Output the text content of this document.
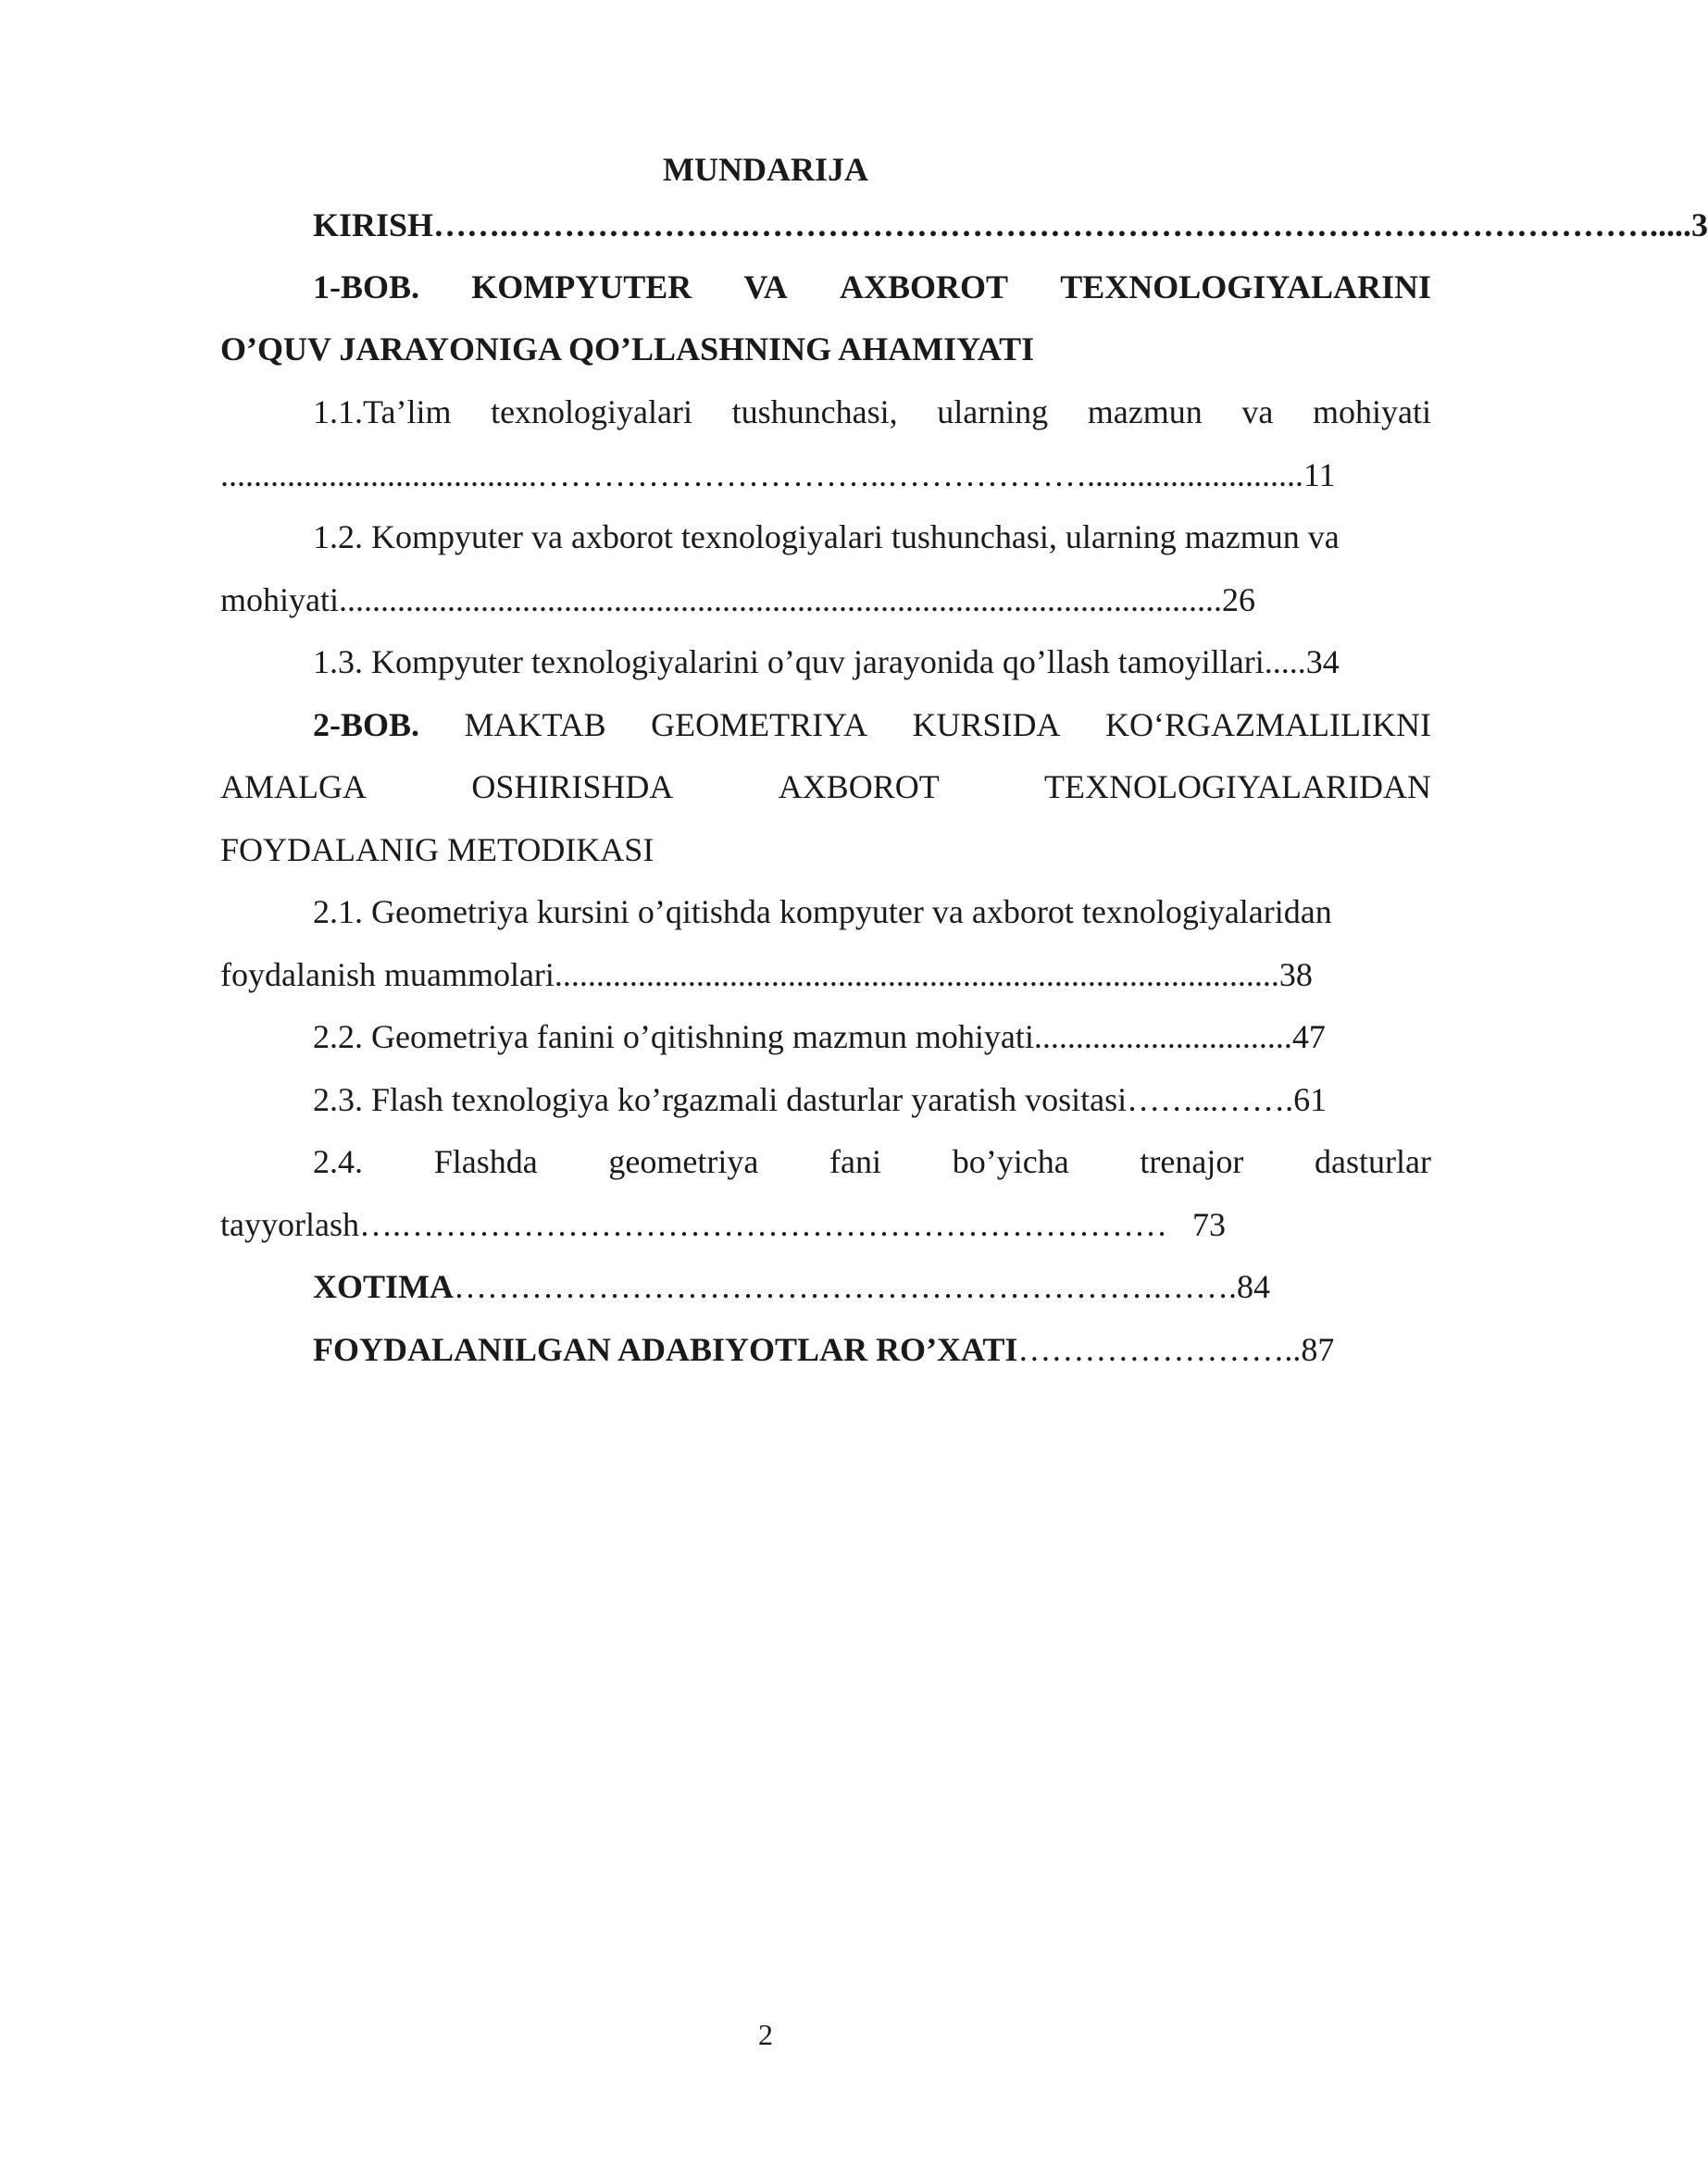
MUNDARIJA
KIRISH…….………………….……………………………………………………………………….....3
1-BOB. KOMPYUTER VA AXBOROT TEXNOLOGIYALARINI
O’QUV JARAYONIGA QO’LLASHNING AHAMIYATI
1.1.Ta’lim texnologiyalari tushunchasi, ularning mazmun va mohiyati
......................................…………………………..………………..........................11
1.2. Kompyuter va axborot texnologiyalari tushunchasi, ularning mazmun va
mohiyati..........................................................................................................26
1.3. Kompyuter texnologiyalarini o’quv jarayonida qo’llash tamoyillari.....34
2-BOB. MAKTAB GEOMETRIYA KURSIDA KO‘RGAZMALILIKNI
AMALGA	OSHIRISHDA	AXBOROT	TEXNOLOGIYALARIDAN
FOYDALANIG METODIKASI
2.1. Geometriya kursini o’qitishda kompyuter va axborot texnologiyalaridan
foydalanish muammolari.......................................................................................38
2.2. Geometriya fanini o’qitishning mazmun mohiyati...............................47
2.3. Flash texnologiya ko’rgazmali dasturlar yaratish vositasi……...…….61
2.4. Flashda geometriya fani bo’yicha trenajor dasturlar
tayyorlash….……………………………………………………………   73
XOTIMA……………………………………………………….…….84
FOYDALANILGAN ADABIYOTLAR RO’XATI……………………..87
2
